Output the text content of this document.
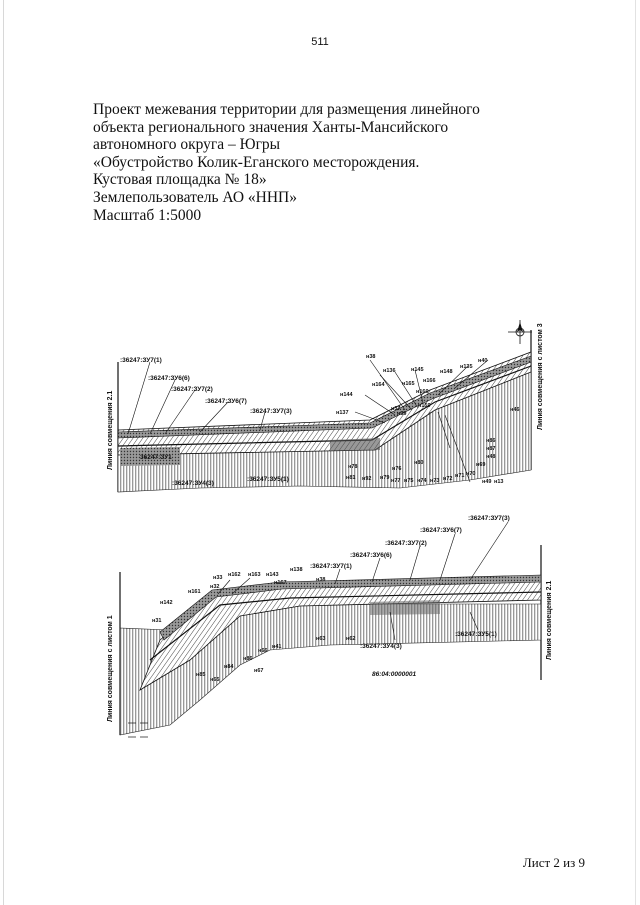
511
Проект межевания территории для размещения линейного
объекта регионального значения Ханты-Мансийского
автономного округа – Югры
«Обустройство Колик-Еганского месторождения.
Кустовая площадка № 18»
Землепользователь АО «ННП»
Масштаб 1:5000
Линия совмещения 2.1
Линия совмещения с листом 3
:36247:ЗУ7(1)
:36247:ЗУ6(6)
:36247:ЗУ7(2)
:36247:ЗУ6(7)
:36247:ЗУ7(3)
:36247:ЗУ4(3)
:36247:ЗУ5(1)
36247:ЗУ1
н38
н136	н145	н135
н40
н164	н165 н166
н148
н144
н37
н160
н39
н137
н159
н46
н86
н87
н48
н69
н81 н92 н79 н77 н75 н74 н73 н72 н71 н70
н49 н13
н78	н76
н80
Линия совмещения с листом 1	Линия совмещения 2.1
:36247:ЗУ7(3)
:36247:ЗУ6(7)
:36247:ЗУ7(2)
:36247:ЗУ6(6)
:36247:ЗУ7(1)
:36247:ЗУ5(1)
:36247:ЗУ4(3)
86:04:0000001
н33 н162 н163 н143
н138
н32
н167	н38
н142
н31
н161
н85
н84
н67
н86
н66
н41
н63	н62
н65
Лист 2 из 9
